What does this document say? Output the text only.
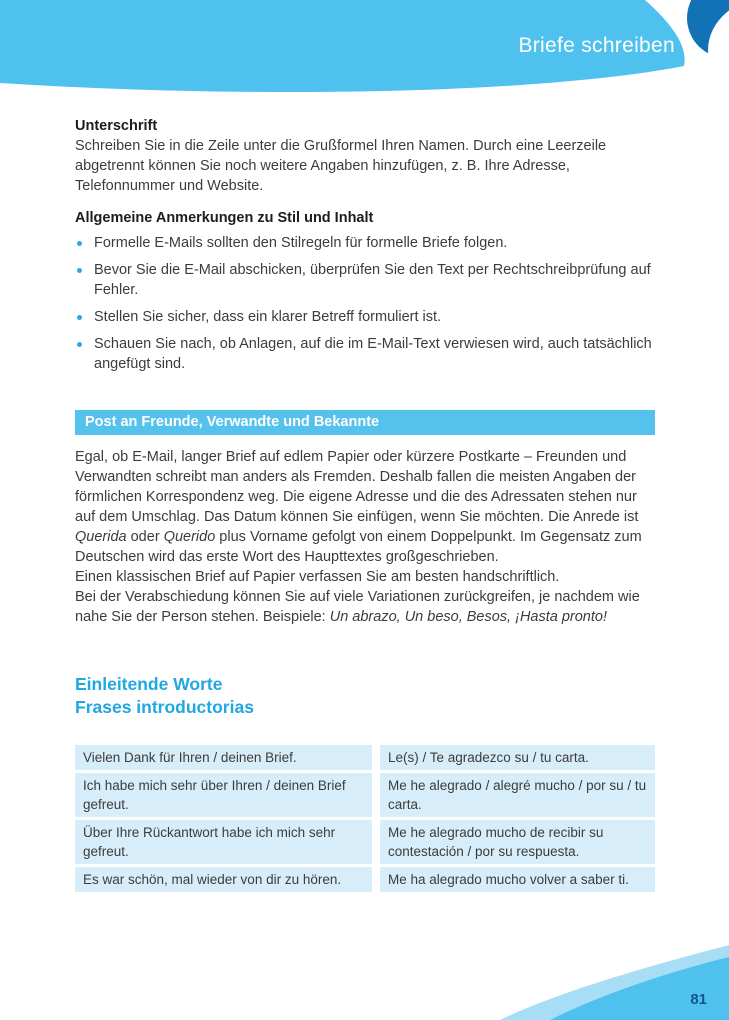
Briefe schreiben
Unterschrift

Schreiben Sie in die Zeile unter die Grußformel Ihren Namen. Durch eine Leerzeile abgetrennt können Sie noch weitere Angaben hinzufügen, z. B. Ihre Adresse, Telefonnummer und Website.

Allgemeine Anmerkungen zu Stil und Inhalt
Formelle E-Mails sollten den Stilregeln für formelle Briefe folgen.
Bevor Sie die E-Mail abschicken, überprüfen Sie den Text per Rechtschreibprüfung auf Fehler.
Stellen Sie sicher, dass ein klarer Betreff formuliert ist.
Schauen Sie nach, ob Anlagen, auf die im E-Mail-Text verwiesen wird, auch tatsächlich angefügt sind.
Post an Freunde, Verwandte und Bekannte

Egal, ob E-Mail, langer Brief auf edlem Papier oder kürzere Postkarte – Freunden und Verwandten schreibt man anders als Fremden. Deshalb fallen die meisten Angaben der förmlichen Korrespondenz weg. Die eigene Adresse und die des Adressaten stehen nur auf dem Umschlag. Das Datum können Sie einfügen, wenn Sie möchten. Die Anrede ist Querida oder Querido plus Vorname gefolgt von einem Doppelpunkt. Im Gegensatz zum Deutschen wird das erste Wort des Haupttextes großgeschrieben.

Einen klassischen Brief auf Papier verfassen Sie am besten handschriftlich.

Bei der Verabschiedung können Sie auf viele Variationen zurückgreifen, je nachdem wie nahe Sie der Person stehen. Beispiele: Un abrazo, Un beso, Besos, ¡Hasta pronto!

Einleitende Worte
Frases introductorias
Vielen Dank für Ihren / deinen Brief.	Le(s) / Te agradezco su / tu carta.
Ich habe mich sehr über Ihren / deinen Brief gefreut.
Me he alegrado / alegré mucho / por su / tu carta.
Über Ihre Rückantwort habe ich mich sehr gefreut.
Me he alegrado mucho de recibir su contestación / por su respuesta.
Es war schön, mal wieder von dir zu hören.	Me ha alegrado mucho volver a saber ti.
81
